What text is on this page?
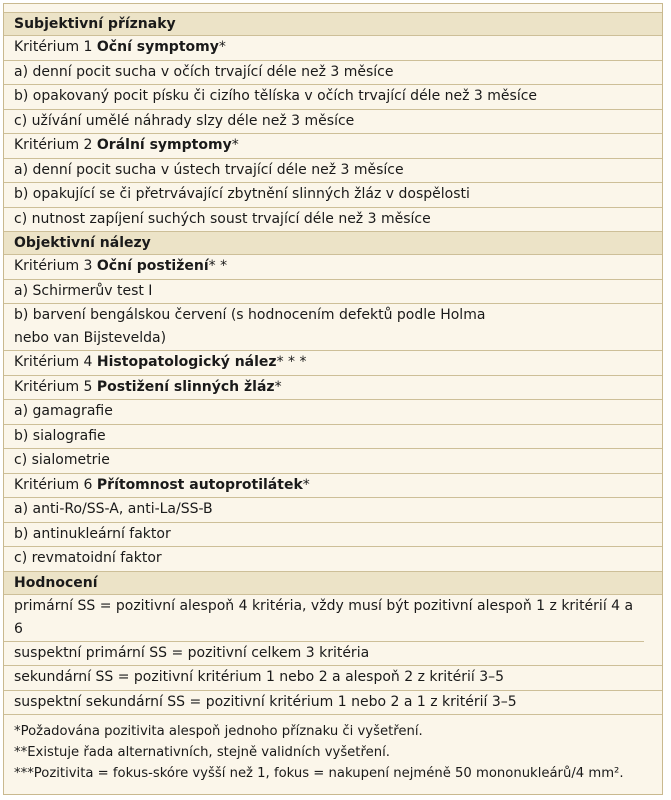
Subjektivní příznaky
Kritérium 1 Oční symptomy*
a) denní pocit sucha v očích trvající déle než 3 měsíce
b) opakovaný pocit písku či cizího tělíska v očích trvající déle než 3 měsíce
c) užívání umělé náhrady slzy déle než 3 měsíce
Kritérium 2 Orální symptomy*
a) denní pocit sucha v ústech trvající déle než 3 měsíce
b) opakující se či přetrvávající zbytnění slinných žláz v dospělosti
c) nutnost zapíjení suchých soust trvající déle než 3 měsíce
Objektivní nálezy
Kritérium 3 Oční postižení* *
a) Schirmerův test I
b) barvení bengálskou červení (s hodnocením defektů podle Holma nebo van Bijstevelda)
Kritérium 4 Histopatologický nález* * *
Kritérium 5 Postižení slinných žláz*
a) gamagrafie
b) sialografie
c) sialometrie
Kritérium 6 Přítomnost autoprotilátek*
a) anti-Ro/SS-A, anti-La/SS-B
b) antinukleární faktor
c) revmatoidní faktor
Hodnocení
primární SS = pozitivní alespoň 4 kritéria, vždy musí být pozitivní alespoň 1 z kritérií 4 a 6
suspektní primární SS = pozitivní celkem 3 kritéria
sekundární SS = pozitivní kritérium 1 nebo 2 a alespoň 2 z kritérií 3–5
suspektní sekundární SS = pozitivní kritérium 1 nebo 2 a 1 z kritérií 3–5
*Požadována pozitivita alespoň jednoho příznaku či vyšetření.
**Existuje řada alternativních, stejně validních vyšetření.
***Pozitivita = fokus-skóre vyšší než 1, fokus = nakupení nejméně 50 mononukleárů/4 mm².
